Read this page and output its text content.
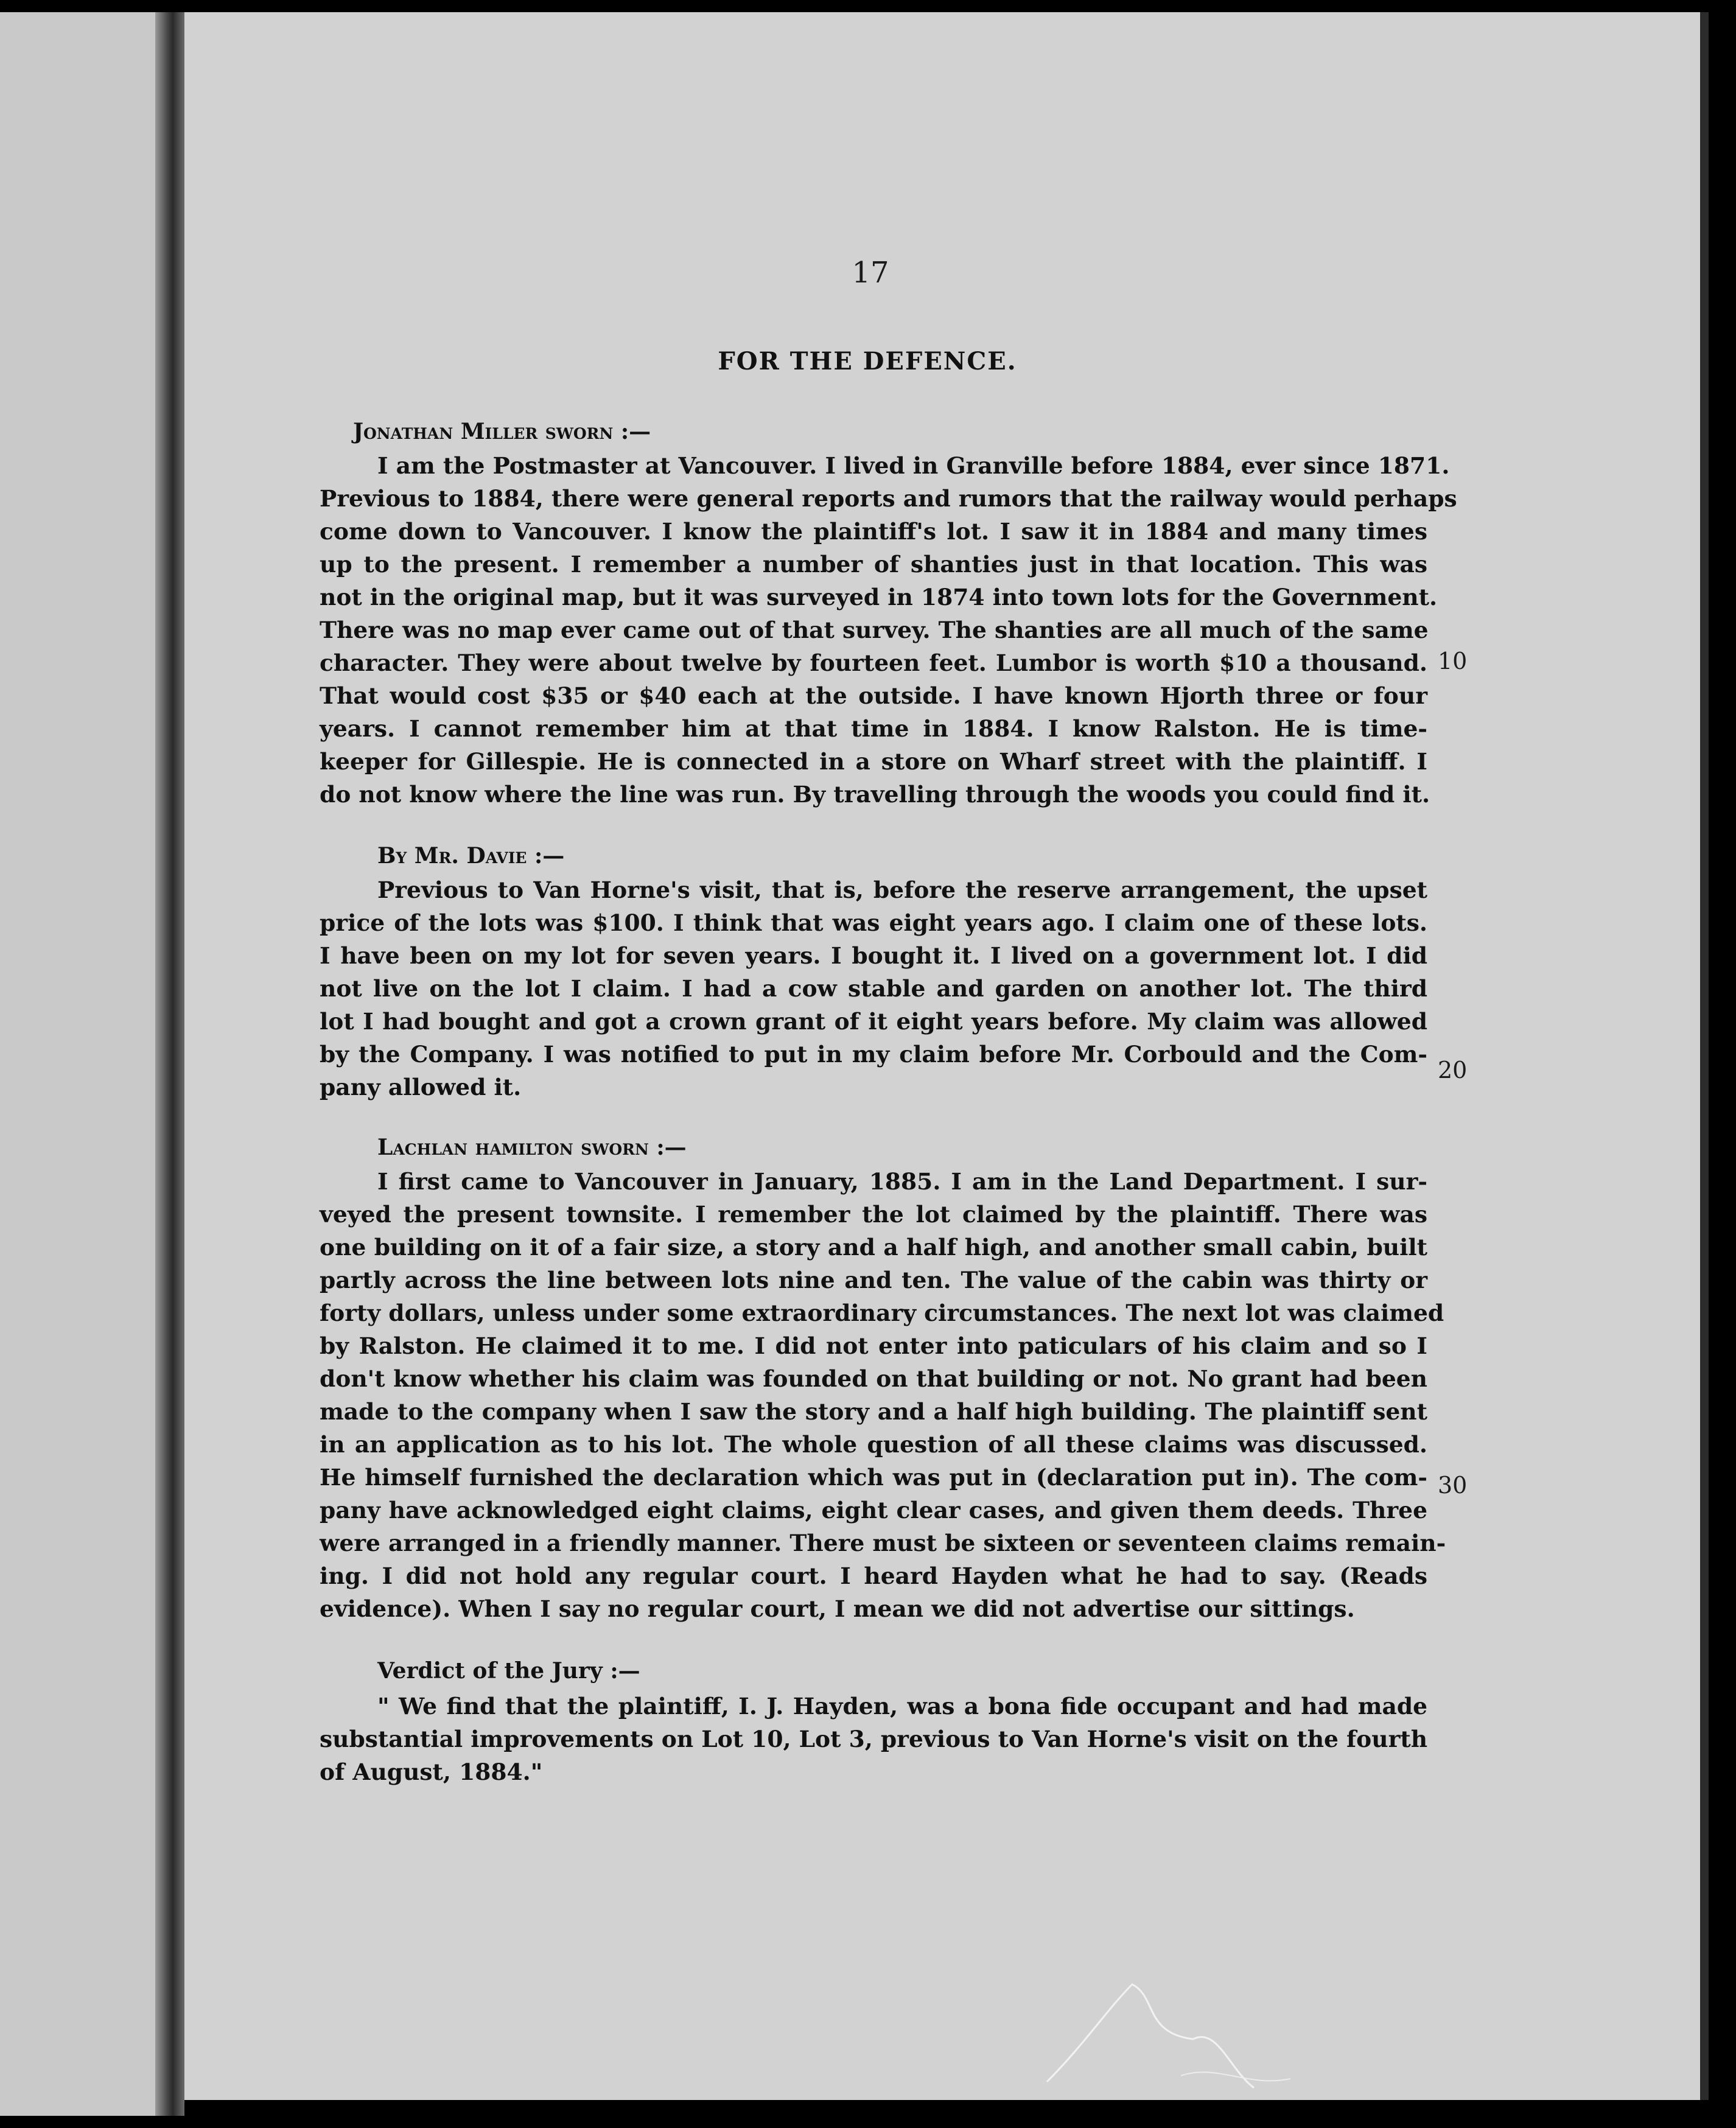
17
FOR THE DEFENCE.
Jonathan Miller sworn :—
I am the Postmaster at Vancouver. I lived in Granville before 1884, ever since 1871.
Previous to 1884, there were general reports and rumors that the railway would perhaps
come down to Vancouver. I know the plaintiff's lot. I saw it in 1884 and many times
up to the present. I remember a number of shanties just in that location. This was
not in the original map, but it was surveyed in 1874 into town lots for the Government.
There was no map ever came out of that survey. The shanties are all much of the same
character. They were about twelve by fourteen feet. Lumbor is worth $10 a thousand.
That would cost $35 or $40 each at the outside. I have known Hjorth three or four
years. I cannot remember him at that time in 1884. I know Ralston. He is time-
keeper for Gillespie. He is connected in a store on Wharf street with the plaintiff. I
do not know where the line was run. By travelling through the woods you could find it.
By Mr. Davie :—
Previous to Van Horne's visit, that is, before the reserve arrangement, the upset
price of the lots was $100. I think that was eight years ago. I claim one of these lots.
I have been on my lot for seven years. I bought it. I lived on a government lot. I did
not live on the lot I claim. I had a cow stable and garden on another lot. The third
lot I had bought and got a crown grant of it eight years before. My claim was allowed
by the Company. I was notified to put in my claim before Mr. Corbould and the Com-
pany allowed it.
Lachlan hamilton sworn :—
I first came to Vancouver in January, 1885. I am in the Land Department. I sur-
veyed the present townsite. I remember the lot claimed by the plaintiff. There was
one building on it of a fair size, a story and a half high, and another small cabin, built
partly across the line between lots nine and ten. The value of the cabin was thirty or
forty dollars, unless under some extraordinary circumstances. The next lot was claimed
by Ralston. He claimed it to me. I did not enter into paticulars of his claim and so I
don't know whether his claim was founded on that building or not. No grant had been
made to the company when I saw the story and a half high building. The plaintiff sent
in an application as to his lot. The whole question of all these claims was discussed.
He himself furnished the declaration which was put in (declaration put in). The com-
pany have acknowledged eight claims, eight clear cases, and given them deeds. Three
were arranged in a friendly manner. There must be sixteen or seventeen claims remain-
ing. I did not hold any regular court. I heard Hayden what he had to say. (Reads
evidence). When I say no regular court, I mean we did not advertise our sittings.
Verdict of the Jury :—
" We find that the plaintiff, I. J. Hayden, was a bona fide occupant and had made
substantial improvements on Lot 10, Lot 3, previous to Van Horne's visit on the fourth
of August, 1884."
10
20
30
